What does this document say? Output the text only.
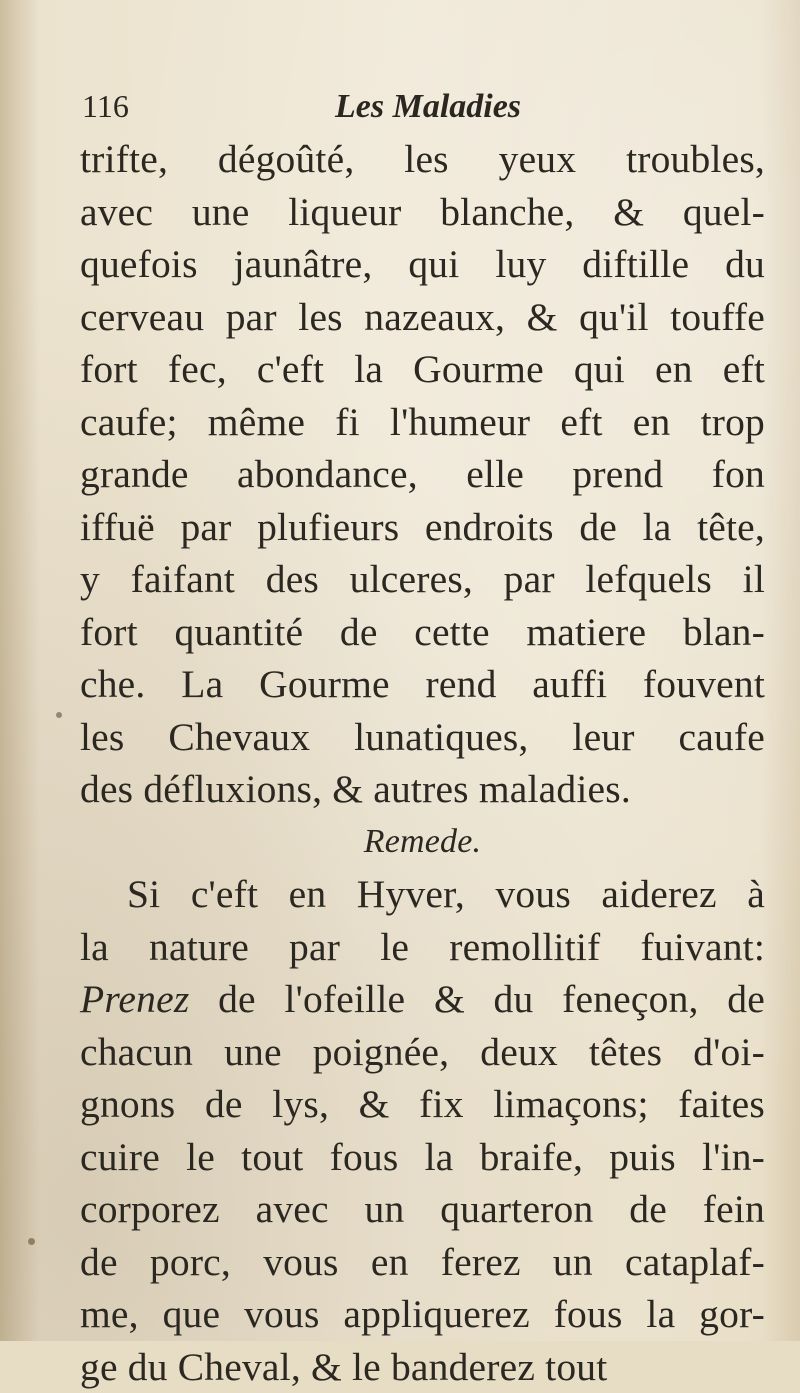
116	Les Maladies
trifte, dégoûté, les yeux troubles,
avec une liqueur blanche, & quel-
quefois jaunâtre, qui luy diftille du
cerveau par les nazeaux, & qu'il touffe
fort fec, c'eft la Gourme qui en eft
caufe; même fi l'humeur eft en trop
grande abondance, elle prend fon
iffuë par plufieurs endroits de la tête,
y faifant des ulceres, par lefquels il
fort quantité de cette matiere blan-
che. La Gourme rend auffi fouvent
les Chevaux lunatiques, leur caufe
des défluxions, & autres maladies.
Remede.
Si c'eft en Hyver, vous aiderez à
la nature par le remollitif fuivant:
Prenez de l'ofeille & du feneçon, de
chacun une poignée, deux têtes d'oi-
gnons de lys, & fix limaçons; faites
cuire le tout fous la braife, puis l'in-
corporez avec un quarteron de fein
de porc, vous en ferez un cataplaf-
me, que vous appliquerez fous la gor-
ge du Cheval, & le banderez tout
